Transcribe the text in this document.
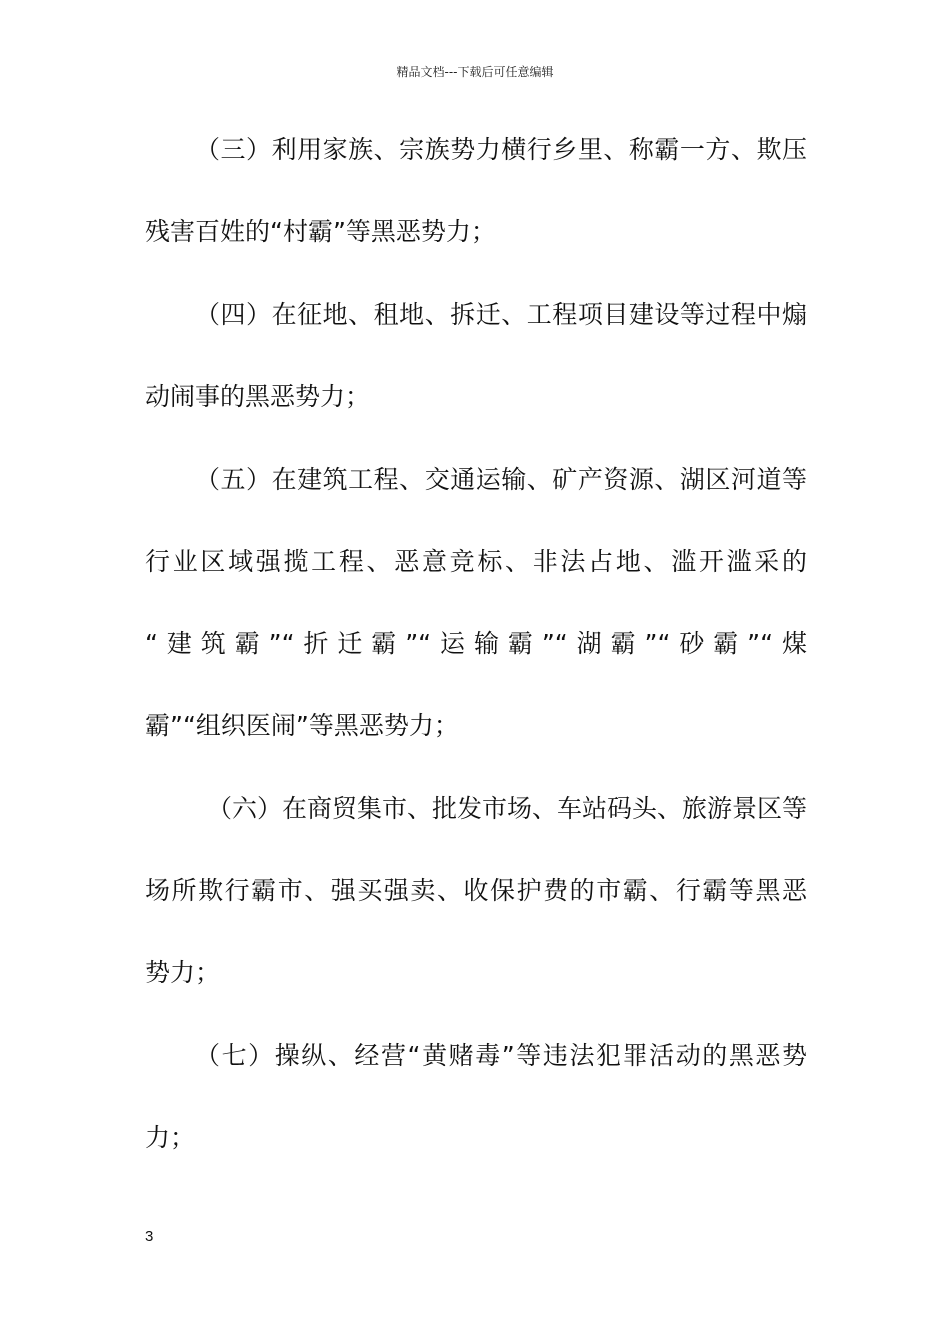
精品文档---下载后可任意编辑
（三）利用家族、宗族势力横行乡里、称霸一方、欺压
残害百姓的“村霸”等黑恶势力；
（四）在征地、租地、拆迁、工程项目建设等过程中煽
动闹事的黑恶势力；
（五）在建筑工程、交通运输、矿产资源、湖区河道等
行业区域强揽工程、恶意竞标、非法占地、滥开滥采的
“建筑霸”“折迁霸”“运输霸”“湖霸”“砂霸”“煤
霸”“组织医闹”等黑恶势力；
（六）在商贸集市、批发市场、车站码头、旅游景区等
场所欺行霸市、强买强卖、收保护费的市霸、行霸等黑恶
势力；
（七）操纵、经营“黄赌毒”等违法犯罪活动的黑恶势
力；
3
